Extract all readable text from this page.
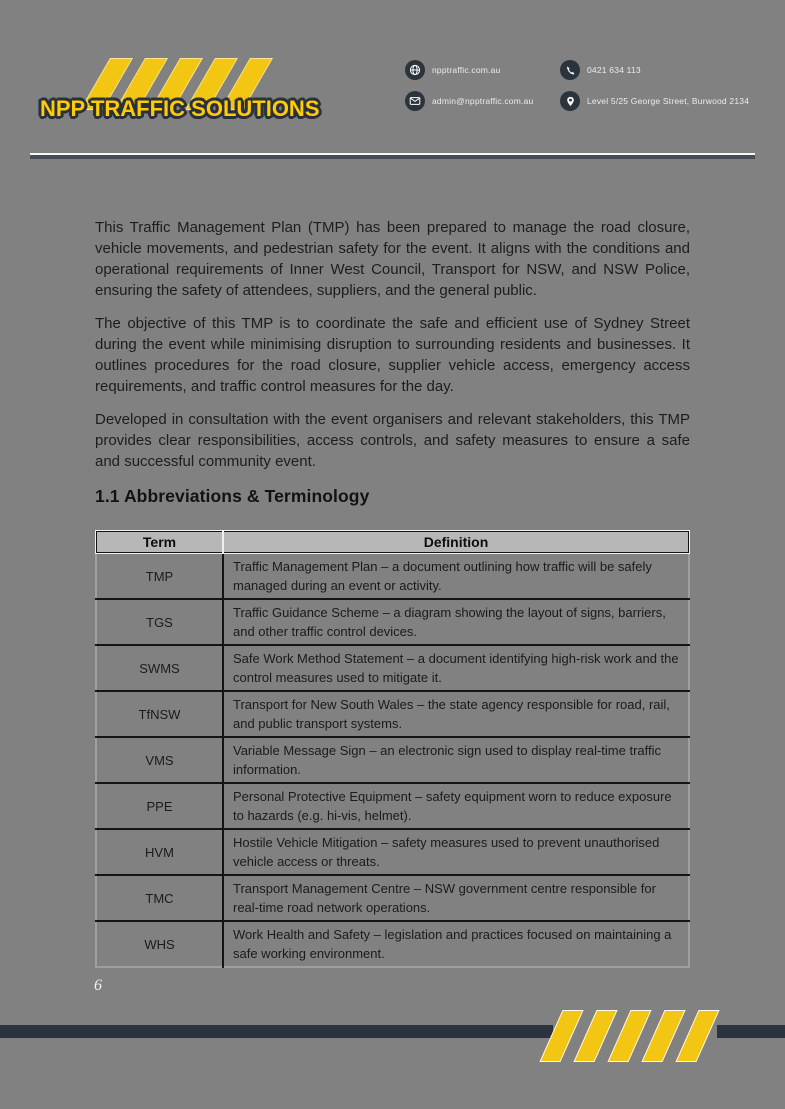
NPP TRAFFIC SOLUTIONS
npptraffic.com.au	0421 634 113
admin@npptraffic.com.au	Level 5/25 George Street, Burwood 2134

This Traffic Management Plan (TMP) has been prepared to manage the road closure, vehicle movements, and pedestrian safety for the event. It aligns with the conditions and operational requirements of Inner West Council, Transport for NSW, and NSW Police, ensuring the safety of attendees, suppliers, and the general public.

The objective of this TMP is to coordinate the safe and efficient use of Sydney Street during the event while minimising disruption to surrounding residents and businesses. It outlines procedures for the road closure, supplier vehicle access, emergency access requirements, and traffic control measures for the day.

Developed in consultation with the event organisers and relevant stakeholders, this TMP provides clear responsibilities, access controls, and safety measures to ensure a safe and successful community event.

1.1 Abbreviations & Terminology
Term	Definition
TMP	Traffic Management Plan – a document outlining how traffic will be safely managed during an event or activity.
TGS	Traffic Guidance Scheme – a diagram showing the layout of signs, barriers, and other traffic control devices.
SWMS	Safe Work Method Statement – a document identifying high-risk work and the control measures used to mitigate it.
TfNSW	Transport for New South Wales – the state agency responsible for road, rail, and public transport systems.
VMS	Variable Message Sign – an electronic sign used to display real-time traffic information.
PPE	Personal Protective Equipment – safety equipment worn to reduce exposure to hazards (e.g. hi-vis, helmet).
HVM	Hostile Vehicle Mitigation – safety measures used to prevent unauthorised vehicle access or threats.
TMC	Transport Management Centre – NSW government centre responsible for real-time road network operations.
WHS	Work Health and Safety – legislation and practices focused on maintaining a safe working environment.
6
